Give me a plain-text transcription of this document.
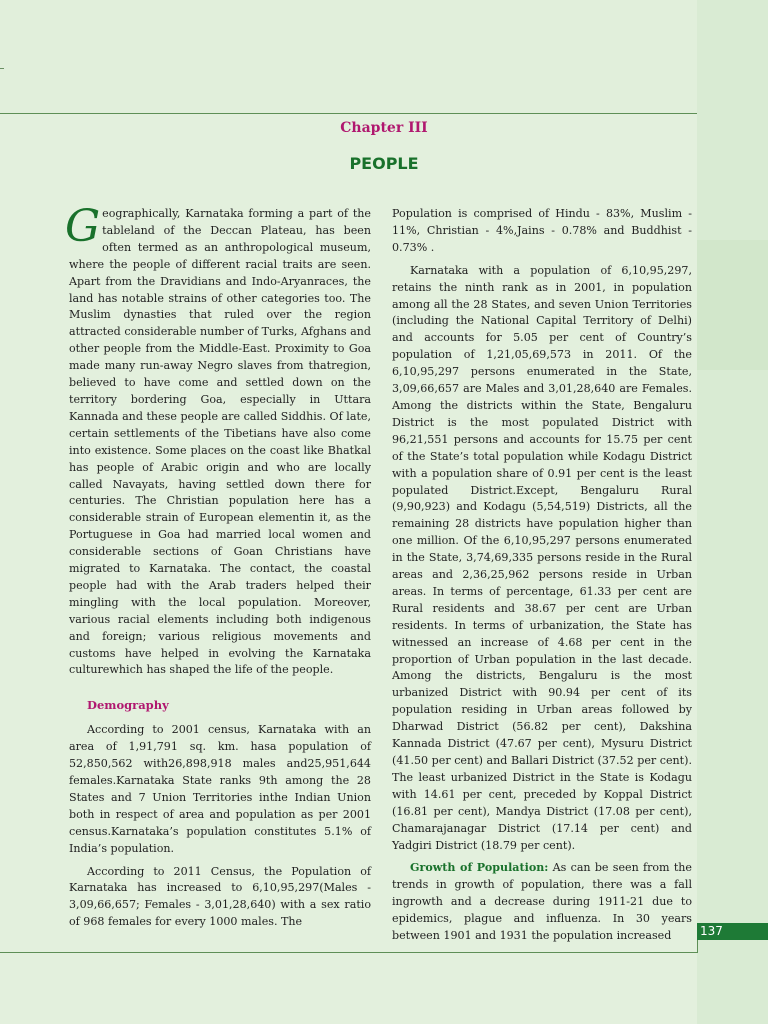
Chapter III
PEOPLE

Geographically, Karnataka forming a part of the tableland of the Deccan Plateau, has been often termed as an anthropological museum, where the people of different racial traits are seen. Apart from the Dravidians and Indo-Aryanraces, the land has notable strains of other categories too. The Muslim dynasties that ruled over the region attracted considerable number of Turks, Afghans and other people from the Middle-East. Proximity to Goa made many run-away Negro slaves from thatregion, believed to have come and settled down on the territory bordering Goa, especially in Uttara Kannada and these people are called Siddhis. Of late, certain settlements of the Tibetians have also come into existence. Some places on the coast like Bhatkal has people of Arabic origin and who are locally called Navayats, having settled down there for centuries. The Christian population here has a considerable strain of European elementin it, as the Portuguese in Goa had married local women and considerable sections of Goan Christians have migrated to Karnataka. The contact, the coastal people had with the Arab traders helped their mingling with the local population. Moreover, various racial elements including both indigenous and foreign; various religious movements and customs have helped in evolving the Karnataka culturewhich has shaped the life of the people.

Demography

According to 2001 census, Karnataka with an area of 1,91,791 sq. km. hasa population of 52,850,562 with26,898,918 males and25,951,644 females.Karnataka State ranks 9th among the 28 States and 7 Union Territories inthe Indian Union both in respect of area and population as per 2001 census.Karnataka’s population constitutes 5.1% of India’s population.

According to 2011 Census, the Population of Karnataka has increased to 6,10,95,297(Males - 3,09,66,657; Females - 3,01,28,640) with a sex ratio of 968 females for every 1000 males. The

Population is comprised of Hindu - 83%, Muslim - 11%, Christian - 4%,Jains - 0.78% and Buddhist - 0.73% .

Karnataka with a population of 6,10,95,297, retains the ninth rank as in 2001, in population among all the 28 States, and seven Union Territories (including the National Capital Territory of Delhi) and accounts for 5.05 per cent of Country’s population of 1,21,05,69,573 in 2011. Of the 6,10,95,297 persons enumerated in the State, 3,09,66,657 are Males and 3,01,28,640 are Females. Among the districts within the State, Bengaluru District is the most populated District with 96,21,551 persons and accounts for 15.75 per cent of the State’s total population while Kodagu District with a population share of 0.91 per cent is the least populated District.Except, Bengaluru Rural (9,90,923) and Kodagu (5,54,519) Districts, all the remaining 28 districts have population higher than one million. Of the 6,10,95,297 persons enumerated in the State, 3,74,69,335 persons reside in the Rural areas and 2,36,25,962 persons reside in Urban areas. In terms of percentage, 61.33 per cent are Rural residents and 38.67 per cent are Urban residents. In terms of urbanization, the State has witnessed an increase of 4.68 per cent in the proportion of Urban population in the last decade. Among the districts, Bengaluru is the most urbanized District with 90.94 per cent of its population residing in Urban areas followed by Dharwad District (56.82 per cent), Dakshina Kannada District (47.67 per cent), Mysuru District (41.50 per cent) and Ballari District (37.52 per cent). The least urbanized District in the State is Kodagu with 14.61 per cent, preceded by Koppal District (16.81 per cent), Mandya District (17.08 per cent), Chamarajanagar District (17.14 per cent) and Yadgiri District (18.79 per cent).

Growth of Population: As can be seen from the trends in growth of population, there was a fall ingrowth and a decrease during 1911-21 due to epidemics, plague and influenza. In 30 years between 1901 and 1931 the population increased	137
